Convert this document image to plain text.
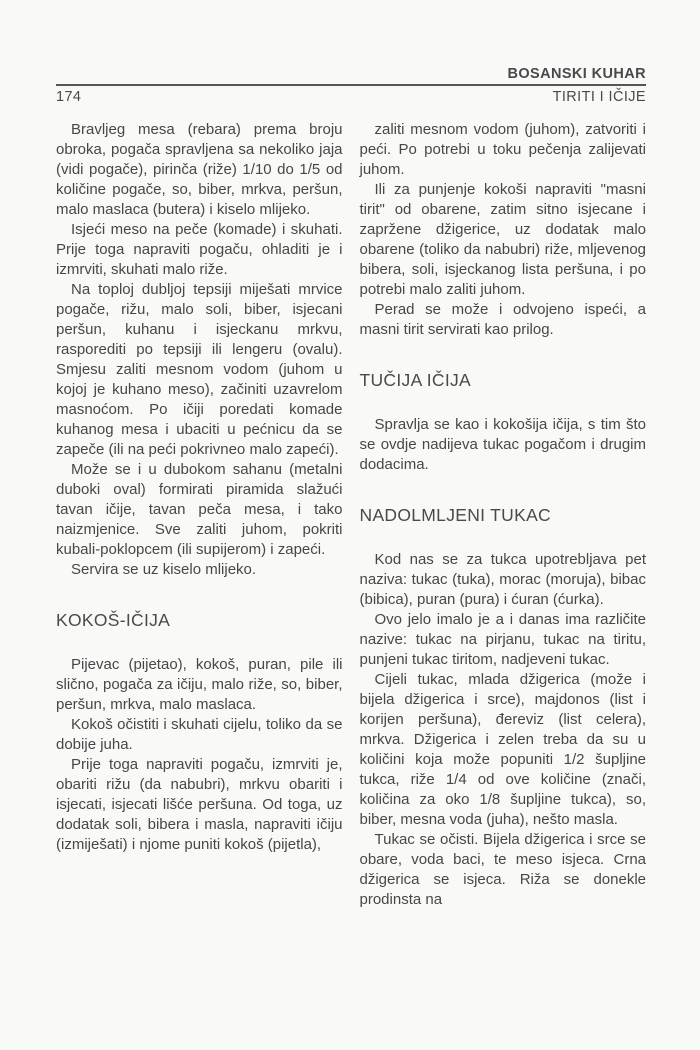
BOSANSKI KUHAR
174	TIRITI I IČIJE

Bravljeg mesa (rebara) prema broju obroka, pogača spravljena sa nekoliko jaja (vidi pogače), pirinča (riže) 1/10 do 1/5 od količine pogače, so, biber, mrkva, peršun, malo maslaca (butera) i kiselo mlijeko.

Isjeći meso na peče (komade) i skuhati. Prije toga napraviti pogaču, ohladiti je i izmrviti, skuhati malo riže.

Na toploj dubljoj tepsiji miješati mrvice pogače, rižu, malo soli, biber, isjecani peršun, kuhanu i isjeckanu mrkvu, rasporediti po tepsiji ili lengeru (ovalu). Smjesu zaliti mesnom vodom (juhom u kojoj je kuhano meso), začiniti uzavrelom masnoćom. Po ičiji poredati komade kuhanog mesa i ubaciti u pećnicu da se zapeče (ili na peći pokrivneo malo zapeći).

Može se i u dubokom sahanu (metalni duboki oval) formirati piramida slažući tavan ičije, tavan peča mesa, i tako naizmjenice. Sve zaliti juhom, pokriti kubali-poklopcem (ili supijerom) i zapeći.

Servira se uz kiselo mlijeko.

KOKOŠ-IČIJA

Pijevac (pijetao), kokoš, puran, pile ili slično, pogača za ičiju, malo riže, so, biber, peršun, mrkva, malo maslaca.

Kokoš očistiti i skuhati cijelu, toliko da se dobije juha.

Prije toga napraviti pogaču, izmrviti je, obariti rižu (da nabubri), mrkvu obariti i isjecati, isjecati lišće peršuna. Od toga, uz dodatak soli, bibera i masla, napraviti ičiju (izmiješati) i njome puniti kokoš (pijetla),

zaliti mesnom vodom (juhom), zatvoriti i peći. Po potrebi u toku pečenja zalijevati juhom.

Ili za punjenje kokoši napraviti "masni tirit" od obarene, zatim sitno isjecane i zapržene džigerice, uz dodatak malo obarene (toliko da nabubri) riže, mljevenog bibera, soli, isjeckanog lista peršuna, i po potrebi malo zaliti juhom.

Perad se može i odvojeno ispeći, a masni tirit servirati kao prilog.

TUČIJA IČIJA

Spravlja se kao i kokošija ičija, s tim što se ovdje nadijeva tukac pogačom i drugim dodacima.

NADOLMLJENI TUKAC

Kod nas se za tukca upotrebljava pet naziva: tukac (tuka), morac (moruja), bibac (bibica), puran (pura) i ćuran (ćurka).

Ovo jelo imalo je a i danas ima različite nazive: tukac na pirjanu, tukac na tiritu, punjeni tukac tiritom, nadjeveni tukac.

Cijeli tukac, mlada džigerica (može i bijela džigerica i srce), majdonos (list i korijen peršuna), đereviz (list celera), mrkva. Džigerica i zelen treba da su u količini koja može popuniti 1/2 šupljine tukca, riže 1/4 od ove količine (znači, količina za oko 1/8 šupljine tukca), so, biber, mesna voda (juha), nešto masla.

Tukac se očisti. Bijela džigerica i srce se obare, voda baci, te meso isjeca. Crna džigerica se isjeca. Riža se donekle prodinsta na
